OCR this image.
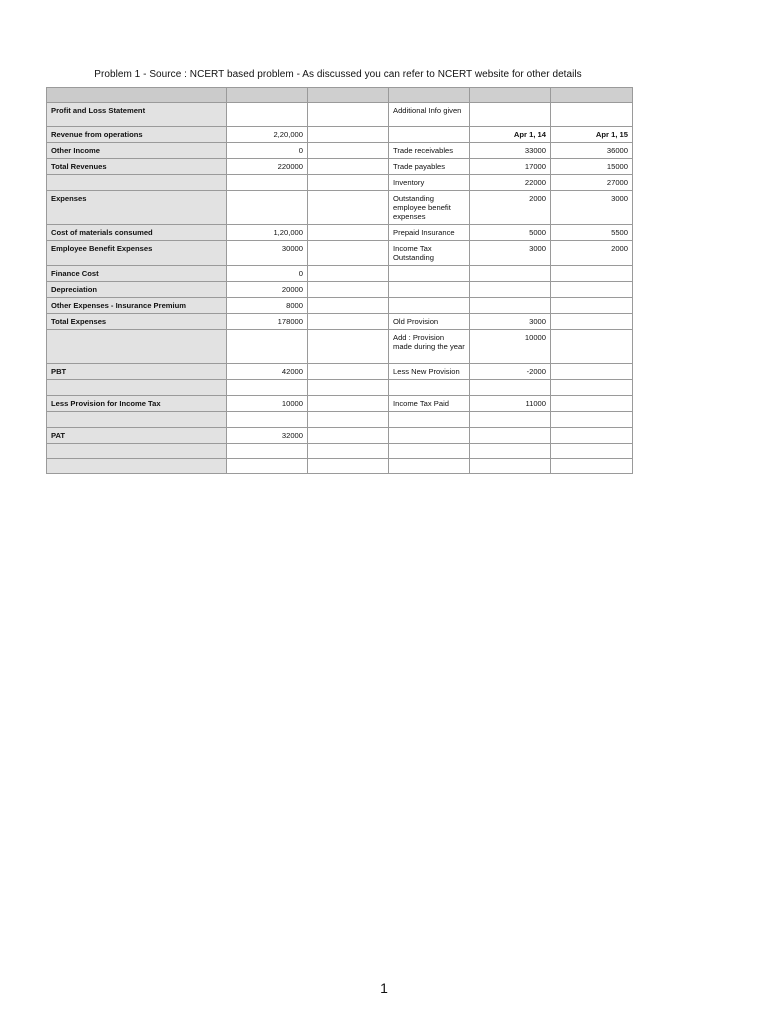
Problem 1 - Source : NCERT based problem - As discussed you can refer to NCERT website for other details

Profit and Loss Statement			Additional Info given		
Revenue from operations	2,20,000			Apr 1, 14	Apr 1, 15
Other Income	0		Trade receivables	33000	36000
Total Revenues	220000		Trade payables	17000	15000
			Inventory	22000	27000
Expenses			Outstanding employee benefit expenses	2000	3000
Cost of materials consumed	1,20,000		Prepaid Insurance	5000	5500
Employee Benefit Expenses	30000		Income Tax Outstanding	3000	2000
Finance Cost	0				
Depreciation	20000				
Other Expenses - Insurance Premium	8000				
Total Expenses	178000		Old Provision	3000	
			Add : Provision made during the year	10000	
PBT	42000		Less New Provision	-2000	

Less Provision for Income Tax	10000		Income Tax Paid	11000	

PAT	32000				

1
